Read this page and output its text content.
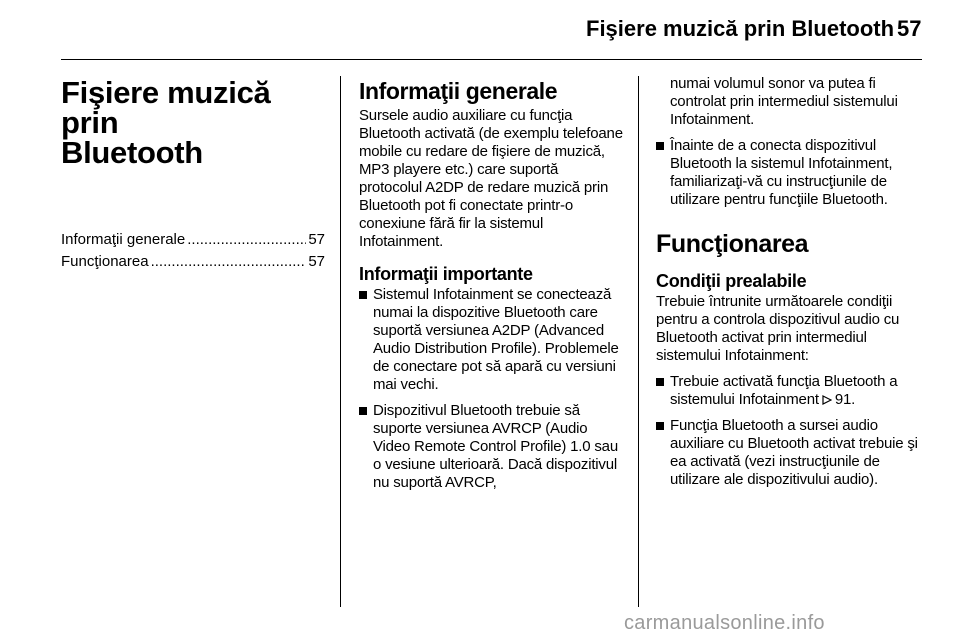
Fişiere muzică prin Bluetooth 57
Fişiere muzică prin
Bluetooth
Informaţii generale .....	57
Funcţionarea .....	57
Informaţii generale

Sursele audio auxiliare cu funcţia Bluetooth activată (de exemplu telefoane mobile cu redare de fişiere de muzică, MP3 playere etc.) care suportă protocolul A2DP de redare muzică prin Bluetooth pot fi conectate printr-o conexiune fără fir la sistemul Infotainment.

Informaţii importante
Sistemul Infotainment se conectează numai la dispozitive Bluetooth care suportă versiunea A2DP (Advanced Audio Distribution Profile). Problemele de conectare pot să apară cu versiuni mai vechi.
Dispozitivul Bluetooth trebuie să suporte versiunea AVRCP (Audio Video Remote Control Profile) 1.0 sau o vesiune ulterioară. Dacă dispozitivul nu suportă AVRCP,
numai volumul sonor va putea fi controlat prin intermediul sistemului Infotainment.
Înainte de a conecta dispozitivul Bluetooth la sistemul Infotainment, familiarizaţi-vă cu instrucţiunile de utilizare pentru funcţiile Bluetooth.
Funcţionarea
Condiţii prealabile

Trebuie întrunite următoarele condiţii pentru a controla dispozitivul audio cu Bluetooth activat prin intermediul sistemului Infotainment:

Trebuie activată funcţia Bluetooth a sistemului Infotainment 91.
Funcţia Bluetooth a sursei audio auxiliare cu Bluetooth activat trebuie şi ea activată (vezi instrucţiunile de utilizare ale dispozitivului audio).
carmanualsonline.info
